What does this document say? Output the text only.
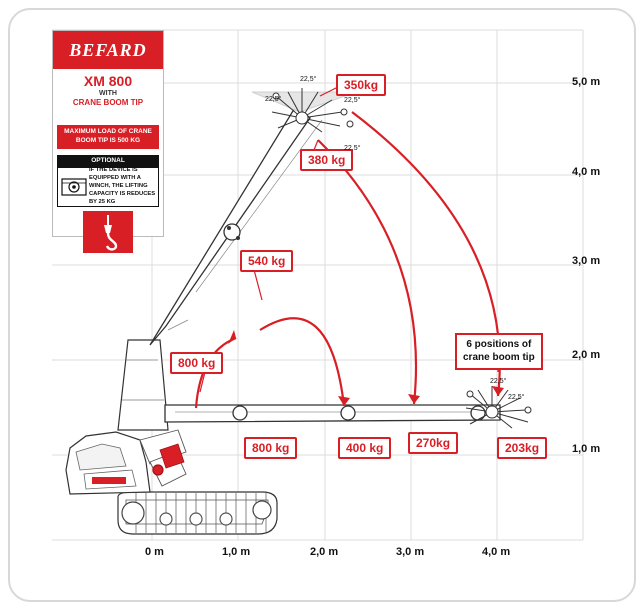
BEFARD
XM 800
WITH
CRANE BOOM TIP
MAXIMUM LOAD OF CRANE BOOM TIP IS 500 KG
OPTIONAL
IF THE DEVICE IS EQUIPPED WITH A WINCH, THE LIFTING CAPACITY IS REDUCES BY 25 KG
350kg
380 kg
540 kg
800 kg
800 kg	400 kg	270kg	203kg
6 positions of
crane boom tip
22,5°
22,5°	22,5°
22,5°
22,5°
22,5°
0 m	1,0 m	2,0 m	3,0 m	4,0 m
1,0 m
2,0 m
3,0 m
4,0 m
5,0 m
